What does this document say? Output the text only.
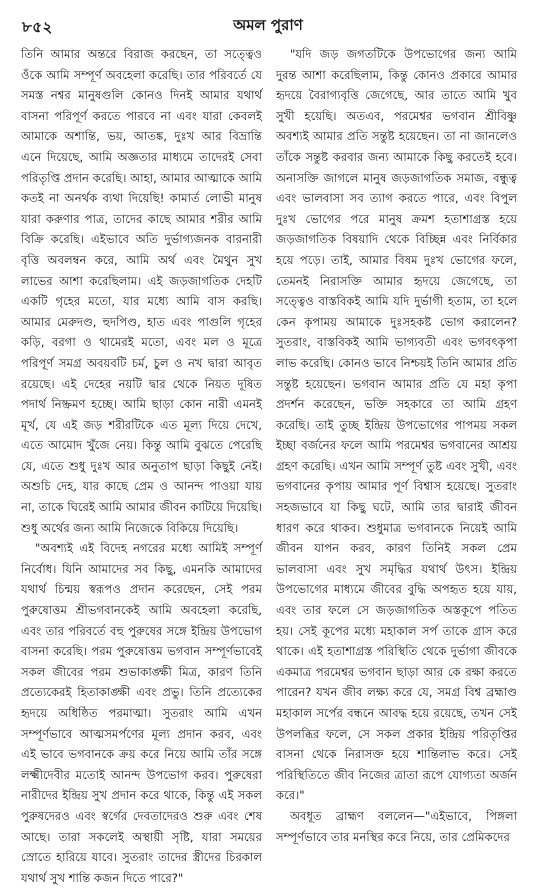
৮৫২	অমল পুরাণ

তিনি আমার অন্তরে বিরাজ করছেন, তা সত্ত্বেও ওঁকে আমি সম্পূর্ণ অবহেলা করেছি। তার পরিবর্তে যে সমস্ত নশ্বর মানুষগুলি কোনও দিনই আমার যথার্থ বাসনা পরিপূর্ণ করতে পারবে না এবং যারা কেবলই আমাকে অশান্তি, ভয়, আতঙ্ক, দুঃখ আর বিভ্রান্তি এনে দিয়েছে, আমি অজ্ঞতার মাধ্যমে তাদেরই সেবা পরিতৃপ্তি প্রদান করেছি। আহা, আমার আত্মাকে আমি কতই না অনর্থক ব্যথা দিয়েছি! কামার্ত লোভী মানুষ যারা করুণার পাত্র, তাদের কাছে আমার শরীর আমি বিক্রি করেছি। এইভাবে অতি দুর্ভাগ্যজনক বারনারী বৃত্তি অবলম্বন করে, আমি অর্থ এবং মৈথুন সুখ লাভের আশা করেছিলাম। এই জড়জাগতিক দেহটি একটি গৃহের মতো, যার মধ্যে আমি বাস করছি। আমার মেরুদণ্ড, হুদপিণ্ড, হাত এবং পাগুলি গৃহের কড়ি, বরগা ও থামেরই মতো, এবং মল ও মূত্রে পরিপূর্ণ সমগ্র অবয়বটি চর্ম, চুল ও নখ দ্বারা আবৃত রয়েছে। এই দেহের নয়টি দ্বার থেকে নিয়ত দূষিত পদার্থ নিষ্ক্রমণ হচ্ছে। আমি ছাড়া কোন নারী এমনই মূর্খ, যে এই জড় শরীরটিকে এত মূল্য দিয়ে দেখে, এতে আমোদ খুঁজে নেয়। কিন্তু আমি বুঝতে পেরেছি যে, এতে শুধু দুঃখ আর অনুতাপ ছাড়া কিছুই নেই। অশুচি দেহ, যার কাছে প্রেম ও আনন্দ পাওয়া যায় না, তাকে ঘিরেই আমি আমার জীবন কাটিয়ে দিয়েছি। শুধু অর্থের জন্য আমি নিজেকে বিকিয়ে দিয়েছি।

"অবশ্যই এই বিদেহ নগরের মধ্যে আমিই সম্পূর্ণ নির্বোধ। যিনি আমাদের সব কিছু, এমনকি আমাদের যথার্থ চিন্ময় স্বরূপও প্রদান করেছেন, সেই পরম পুরুষোত্তম শ্রীভগবানকেই আমি অবহেলা করেছি, এবং তার পরিবর্তে বহু পুরুষের সঙ্গে ইন্দ্রিয় উপভোগ বাসনা করেছি। পরম পুরুষোত্তম ভগবান সম্পূর্ণভাবেই সকল জীবের পরম শুভাকাঙ্ক্ষী মিত্র, কারণ তিনি প্রত্যেকেরই হিতাকাঙ্ক্ষী এবং প্রভু। তিনি প্রত্যেকের হৃদয়ে অধিষ্ঠিত পরমাত্মা। সুতরাং আমি এখন সম্পূর্ণভাবে আত্মসমর্পণের মূল্য প্রদান করব, এবং এই ভাবে ভগবানকে ক্রয় করে নিয়ে আমি তাঁর সঙ্গে লক্ষ্মীদেবীর মতোই আনন্দ উপভোগ করব। পুরুষেরা নারীদের ইন্দ্রিয় সুখ প্রদান করে থাকে, কিন্তু এই সকল পুরুষদেরও এবং স্বর্গের দেবতাদেরও শুরু এবং শেষ আছে। তারা সকলেই অস্থায়ী সৃষ্টি, যারা সময়ের স্রোতে হারিয়ে যাবে। সুতরাং তাদের স্ত্রীদের চিরকাল যথার্থ সুখ শান্তি কজন দিতে পারে?"

"যদি জড় জগতটিকে উপভোগের জন্য আমি দুরন্ত আশা করেছিলাম, কিন্তু কোনও প্রকারে আমার হৃদয়ে বৈরাগ্যবৃত্তি জেগেছে, আর তাতে আমি খুব সুখী হয়েছি। অতএব, পরমেশ্বর ভগবান শ্রীবিষ্ণু অবশ্যই আমার প্রতি সন্তুষ্ট হয়েছেন। তা না জানলেও তাঁকে সন্তুষ্ট করবার জন্য আমাকে কিছু করতেই হবে। অনাসক্তি জাগলে মানুষ জড়জাগতিক সমাজ, বন্ধুত্ব এবং ভালবাসা সব ত্যাগ করতে পারে, এবং বিপুল দুঃখ ভোগের পরে মানুষ ক্রমশ হতাশাগ্রস্ত হয়ে জড়জাগতিক বিষয়াদি থেকে বিচ্ছিন্ন এবং নির্বিকার হয়ে পড়ে। তাই, আমার বিষম দুঃখ ভোগের ফলে, তেমনই নিরাসক্তি আমার হৃদয়ে জেগেছে, তা সত্ত্বেও বাস্তবিকই আমি যদি দুর্ভাগী হতাম, তা হলে কেন কৃপাময় আমাকে দুঃসহকষ্ট ভোগ করালেন? সুতরাং, বাস্তবিকই আমি ভাগ্যবতী এবং ভগবৎকৃপা লাভ করেছি। কোনও ভাবে নিশ্চয়ই তিনি আমার প্রতি সন্তুষ্ট হয়েছেন। ভগবান আমার প্রতি যে মহা কৃপা প্রদর্শন করেছেন, ভক্তি সহকারে তা আমি গ্রহণ করেছি। তাই তুচ্ছ ইন্দ্রিয় উপভোগের পাপময় সকল ইচ্ছা বর্জনের ফলে আমি পরমেশ্বর ভগবানের আশ্রয় গ্রহণ করেছি। এখন আমি সম্পূর্ণ তুষ্ট এবং সুখী, এবং ভগবানের কৃপায় আমার পূর্ণ বিশ্বাস হয়েছে। সুতরাং সহজভাবে যা কিছু ঘটে, আমি তার দ্বারাই জীবন ধারণ করে থাকব। শুধুমাত্র ভগবানকে নিয়েই আমি জীবন যাপন করব, কারণ তিনিই সকল প্রেম ভালবাসা এবং সুখ সমৃদ্ধির যথার্থ উৎস। ইন্দ্রিয় উপভোগের মাধ্যমে জীবের বুদ্ধি অপহৃত হয়ে যায়, এবং তার ফলে সে জড়জাগতিক অস্তকূপে পতিত হয়। সেই কূপের মধ্যে মহাকাল সর্প তাকে গ্রাস করে থাকে। এই হতাশাগ্রস্ত পরিস্থিতি থেকে দুর্ভাগা জীবকে একমাত্র পরমেশ্বর ভগবান ছাড়া আর কে রক্ষা করতে পারেন? যখন জীব লক্ষ্য করে যে, সমগ্র বিশ্ব ব্রহ্মাণ্ড মহাকাল সর্পের বন্ধনে আবদ্ধ হয়ে রয়েছে, তখন সেই উপলব্ধির ফলে, সে সকল প্রকার ইন্দ্রিয় পরিতৃপ্তির বাসনা থেকে নিরাসক্ত হয়ে শান্তিলাভ করে। সেই পরিস্থিতিতে জীব নিজের ত্রাতা রূপে যোগ্যতা অর্জন করে।"

অবধূত ব্রাহ্মণ বললেন—"এইভাবে, পিঙ্গলা সম্পূর্ণভাবে তার মনস্থির করে নিয়ে, তার প্রেমিকদের
